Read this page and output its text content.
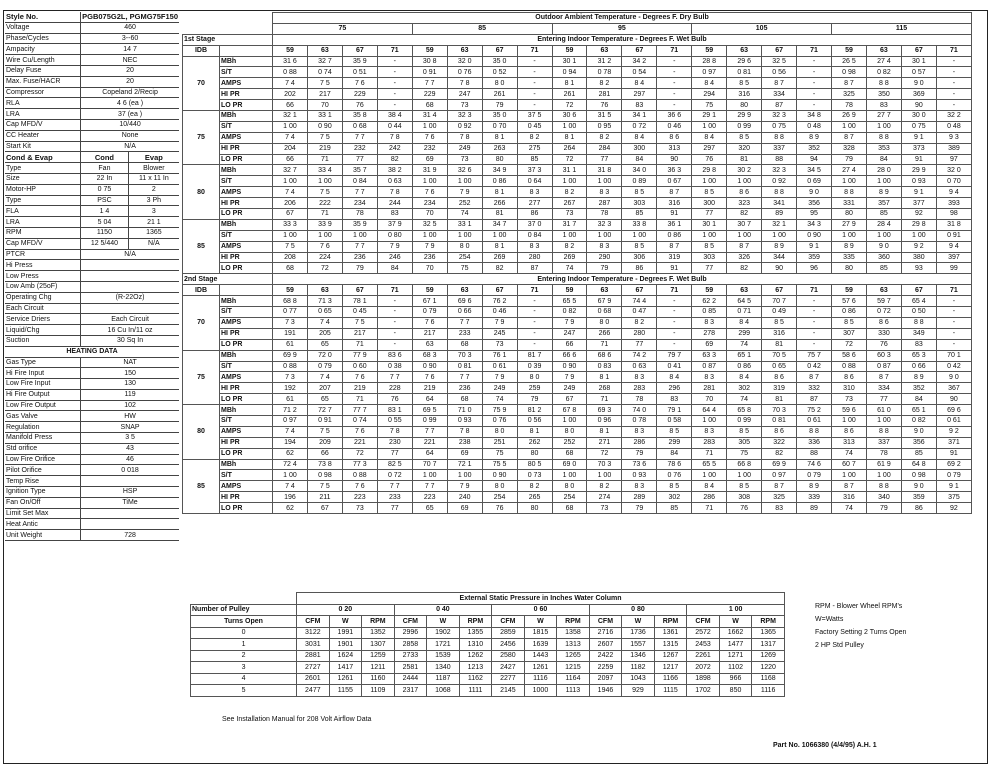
Style No.	PGB075G2L, PGMG75F150	
Voltage	460	
Phase/Cycles	3--60	
Ampacity	14 7	
Wire Cu/Length	NEC	
Delay Fuse	20	
Max. Fuse/HACR	20	
Compressor	Copeland 2/Recip	
RLA	4 6 (ea )	
LRA	37 (ea )	
Cap MFD/V	10/440	
CC Heater	None	
Start Kit	N/A	
Cond & Evap	Cond	Evap
Type	Fan	Blower
Size	22 In	11 x 11 In
Motor-HP	0 75	2
Type	PSC	3 Ph
FLA	1 4	3
LRA	5 04	21 1
RPM	1150	1365
Cap MFD/V	12 5/440	N/A
PTCR	N/A	
Hi Press		
Low Press		
Low Amb (25oF)		
Operating Chg	(R-22Oz)	
Each Circuit		
Service Driers	Each Circuit	
Liquid/Chg	16 Cu In/11 oz	
Suction	30 Sq In	
HEATING DATA		
Gas Type	NAT	
Hi Fire Input	150	
Low Fire Input	130	
Hi Fire Output	119	
Low Fire Output	102	
Gas Valve	HW	
Regulation	SNAP	
Manifold Press	3 5	
Std orifice	43	
Low Fire Orifice	46	
Pilot Orifice	0 018	
Temp Rise		
Ignition Type	HSP	
Fan On/Off	TiMe	
Limit Set Max		
Heat Antic		
Unit Weight	728	
		Outdoor Ambient Temperature - Degrees F. Dry Bulb																			
		75				85				95				105				115			
1st Stage		Entering Indoor Temperature - Degrees F. Wet Bulb																			
IDB		59	63	67	71	59	63	67	71	59	63	67	71	59	63	67	71	59	63	67	71
70	MBh	31 6	32 7	35 9	-	30 8	32 0	35 0	-	30 1	31 2	34 2	-	28 8	29 6	32 5	-	26 5	27 4	30 1	-
	S/T	0 88	0 74	0 51	-	0 91	0 76	0 52	-	0 94	0 78	0 54	-	0 97	0 81	0 56	-	0 98	0 82	0 57	-
	AMPS	7 4	7 5	7 6	-	7 7	7 8	8 0	-	8 1	8 2	8 4	-	8 4	8 5	8 7	-	8 7	8 8	9 0	-
	HI PR	202	217	229	-	229	247	261	-	261	281	297	-	294	316	334	-	325	350	369	-
	LO PR	66	70	76	-	68	73	79	-	72	76	83	-	75	80	87	-	78	83	90	-
75	MBh	32 1	33 1	35 8	38 4	31 4	32 3	35 0	37 5	30 6	31 5	34 1	36 6	29 1	29 9	32 3	34 8	26 9	27 7	30 0	32 2
	S/T	1 00	0 90	0 68	0 44	1 00	0 92	0 70	0 45	1 00	0 95	0 72	0 46	1 00	0 99	0 75	0 48	1 00	1 00	0 75	0 48
	AMPS	7 4	7 5	7 7	7 8	7 6	7 8	8 1	8 2	8 1	8 2	8 4	8 6	8 4	8 5	8 8	8 9	8 7	8 8	9 1	9 3
	HI PR	204	219	232	242	232	249	263	275	264	284	300	313	297	320	337	352	328	353	373	389
	LO PR	66	71	77	82	69	73	80	85	72	77	84	90	76	81	88	94	79	84	91	97
80	MBh	32 7	33 4	35 7	38 2	31 9	32 6	34 9	37 3	31 1	31 8	34 0	36 3	29 8	30 2	32 3	34 5	27 4	28 0	29 9	32 0
	S/T	1 00	1 00	0 84	0 63	1 00	1 00	0 86	0 64	1 00	1 00	0 89	0 67	1 00	1 00	0 92	0 69	1 00	1 00	0 93	0 70
	AMPS	7 4	7 5	7 7	7 8	7 6	7 9	8 1	8 3	8 2	8 3	8 5	8 7	8 5	8 6	8 8	9 0	8 8	8 9	9 1	9 4
	HI PR	206	222	234	244	234	252	266	277	267	287	303	316	300	323	341	356	331	357	377	393
	LO PR	67	71	78	83	70	74	81	86	73	78	85	91	77	82	89	95	80	85	92	98
85	MBh	33 3	33 9	35 9	37 9	32 5	33 1	34 7	37 0	31 7	32 3	33 8	36 1	30 1	30 7	32 1	34 3	27 9	28 4	29 8	31 8
	S/T	1 00	1 00	1 00	0 80	1 00	1 00	1 00	0 84	1 00	1 00	1 00	0 86	1 00	1 00	1 00	0 90	1 00	1 00	1 00	0 91
	AMPS	7 5	7 6	7 7	7 9	7 9	8 0	8 1	8 3	8 2	8 3	8 5	8 7	8 5	8 7	8 9	9 1	8 9	9 0	9 2	9 4
	HI PR	208	224	236	246	236	254	269	280	269	290	306	319	303	326	344	359	335	360	380	397
	LO PR	68	72	79	84	70	75	82	87	74	79	86	91	77	82	90	96	80	85	93	99
2nd Stage		Entering Indoor Temperature - Degrees F. Wet Bulb																			
IDB		59	63	67	71	59	63	67	71	59	63	67	71	59	63	67	71	59	63	67	71
70	MBh	68 8	71 3	78 1	-	67 1	69 6	76 2	-	65 5	67 9	74 4	-	62 2	64 5	70 7	-	57 6	59 7	65 4	-
	S/T	0 77	0 65	0 45	-	0 79	0 66	0 46	-	0 82	0 68	0 47	-	0 85	0 71	0 49	-	0 86	0 72	0 50	-
	AMPS	7 3	7 4	7 5	-	7 6	7 7	7 9	-	7 9	8 0	8 2	-	8 3	8 4	8 5	-	8 5	8 6	8 8	-
	HI PR	191	205	217	-	217	233	245	-	247	266	280	-	278	299	316	-	307	330	349	-
	LO PR	61	65	71	-	63	68	73	-	66	71	77	-	69	74	81	-	72	76	83	-
75	MBh	69 9	72 0	77 9	83 6	68 3	70 3	76 1	81 7	66 6	68 6	74 2	79 7	63 3	65 1	70 5	75 7	58 6	60 3	65 3	70 1
	S/T	0 88	0 79	0 60	0 38	0 90	0 81	0 61	0 39	0 90	0 83	0 63	0 41	0 87	0 86	0 65	0 42	0 88	0 87	0 66	0 42
	AMPS	7 3	7 4	7 6	7 7	7 6	7 7	7 9	8 0	7 9	8 1	8 3	8 4	8 3	8 4	8 6	8 7	8 6	8 7	8 9	9 0
	HI PR	192	207	219	228	219	236	249	259	249	268	283	296	281	302	319	332	310	334	352	367
	LO PR	61	65	71	76	64	68	74	79	67	71	78	83	70	74	81	87	73	77	84	90
80	MBh	71 2	72 7	77 7	83 1	69 5	71 0	75 9	81 2	67 8	69 3	74 0	79 1	64 4	65 8	70 3	75 2	59 6	61 0	65 1	69 6
	S/T	0 97	0 91	0 74	0 55	0 99	0 93	0 76	0 56	1 00	0 96	0 78	0 58	1 00	0 99	0 81	0 61	1 00	1 00	0 82	0 61
	AMPS	7 4	7 5	7 6	7 8	7 7	7 8	8 0	8 1	8 0	8 1	8 3	8 5	8 3	8 5	8 6	8 8	8 6	8 8	9 0	9 2
	HI PR	194	209	221	230	221	238	251	262	252	271	286	299	283	305	322	336	313	337	356	371
	LO PR	62	66	72	77	64	69	75	80	68	72	79	84	71	75	82	88	74	78	85	91
85	MBh	72 4	73 8	77 3	82 5	70 7	72 1	75 5	80 5	69 0	70 3	73 6	78 6	65 5	66 8	69 9	74 6	60 7	61 9	64 8	69 2
	S/T	1 00	0 98	0 88	0 72	1 00	1 00	0 90	0 73	1 00	1 00	0 93	0 76	1 00	1 00	0 97	0 79	1 00	1 00	0 98	0 79
	AMPS	7 4	7 5	7 6	7 7	7 7	7 9	8 0	8 2	8 0	8 2	8 3	8 5	8 4	8 5	8 7	8 9	8 7	8 8	9 0	9 1
	HI PR	196	211	223	233	223	240	254	265	254	274	289	302	286	308	325	339	316	340	359	375
	LO PR	62	67	73	77	65	69	76	80	68	73	79	85	71	76	83	89	74	79	86	92
	External Static Pressure in Inches Water Column														
Number of Pulley	0 20			0 40			0 60			0 80			1 00		
Turns Open	CFM	W	RPM	CFM	W	RPM	CFM	W	RPM	CFM	W	RPM	CFM	W	RPM
0	3122	1991	1352	2996	1902	1355	2859	1815	1358	2716	1736	1361	2572	1662	1365
1	3031	1901	1307	2858	1721	1310	2456	1639	1313	2607	1557	1315	2453	1477	1317
2	2881	1624	1259	2733	1539	1262	2580	1443	1265	2422	1346	1267	2261	1271	1269
3	2727	1417	1211	2581	1340	1213	2427	1261	1215	2259	1182	1217	2072	1102	1220
4	2601	1261	1160	2444	1187	1162	2277	1116	1164	2097	1043	1166	1898	966	1168
5	2477	1155	1109	2317	1068	1111	2145	1000	1113	1946	929	1115	1702	850	1116
RPM - Blower Wheel RPM's
W=Watts
Factory Setting 2 Turns Open
2 HP Std Pulley
See Installation Manual for 208 Volt Airflow Data
Part No. 1066380 (4/4/95) A.H. 1
